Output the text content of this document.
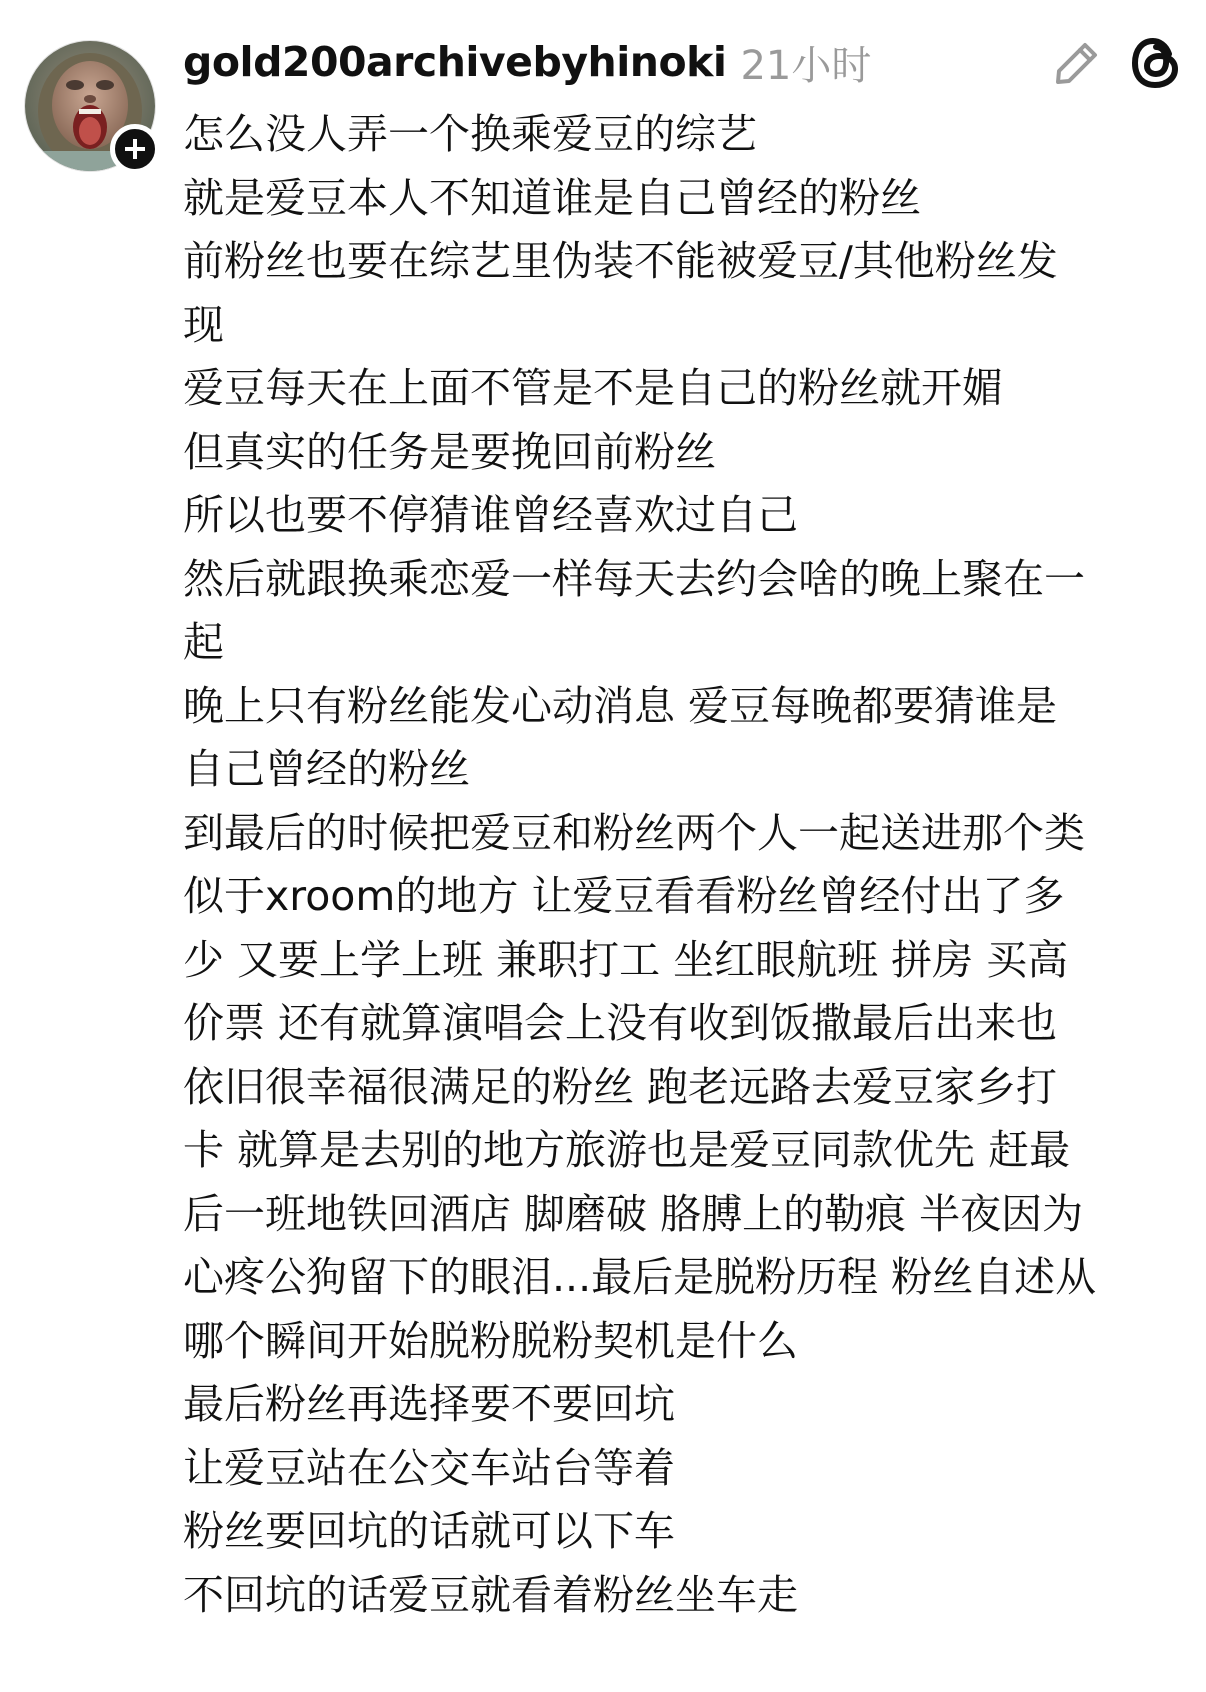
gold200archivebyhinoki 21小时
怎么没人弄一个换乘爱豆的综艺
就是爱豆本人不知道谁是自己曾经的粉丝
前粉丝也要在综艺里伪装不能被爱豆/其他粉丝发
现
爱豆每天在上面不管是不是自己的粉丝就开媚
但真实的任务是要挽回前粉丝
所以也要不停猜谁曾经喜欢过自己
然后就跟换乘恋爱一样每天去约会啥的晚上聚在一
起
晚上只有粉丝能发心动消息 爱豆每晚都要猜谁是
自己曾经的粉丝
到最后的时候把爱豆和粉丝两个人一起送进那个类
似于xroom的地方 让爱豆看看粉丝曾经付出了多
少 又要上学上班 兼职打工 坐红眼航班 拼房 买高
价票 还有就算演唱会上没有收到饭撒最后出来也
依旧很幸福很满足的粉丝 跑老远路去爱豆家乡打
卡 就算是去别的地方旅游也是爱豆同款优先 赶最
后一班地铁回酒店 脚磨破 胳膊上的勒痕 半夜因为
心疼公狗留下的眼泪...最后是脱粉历程 粉丝自述从
哪个瞬间开始脱粉脱粉契机是什么
最后粉丝再选择要不要回坑
让爱豆站在公交车站台等着
粉丝要回坑的话就可以下车
不回坑的话爱豆就看着粉丝坐车走
